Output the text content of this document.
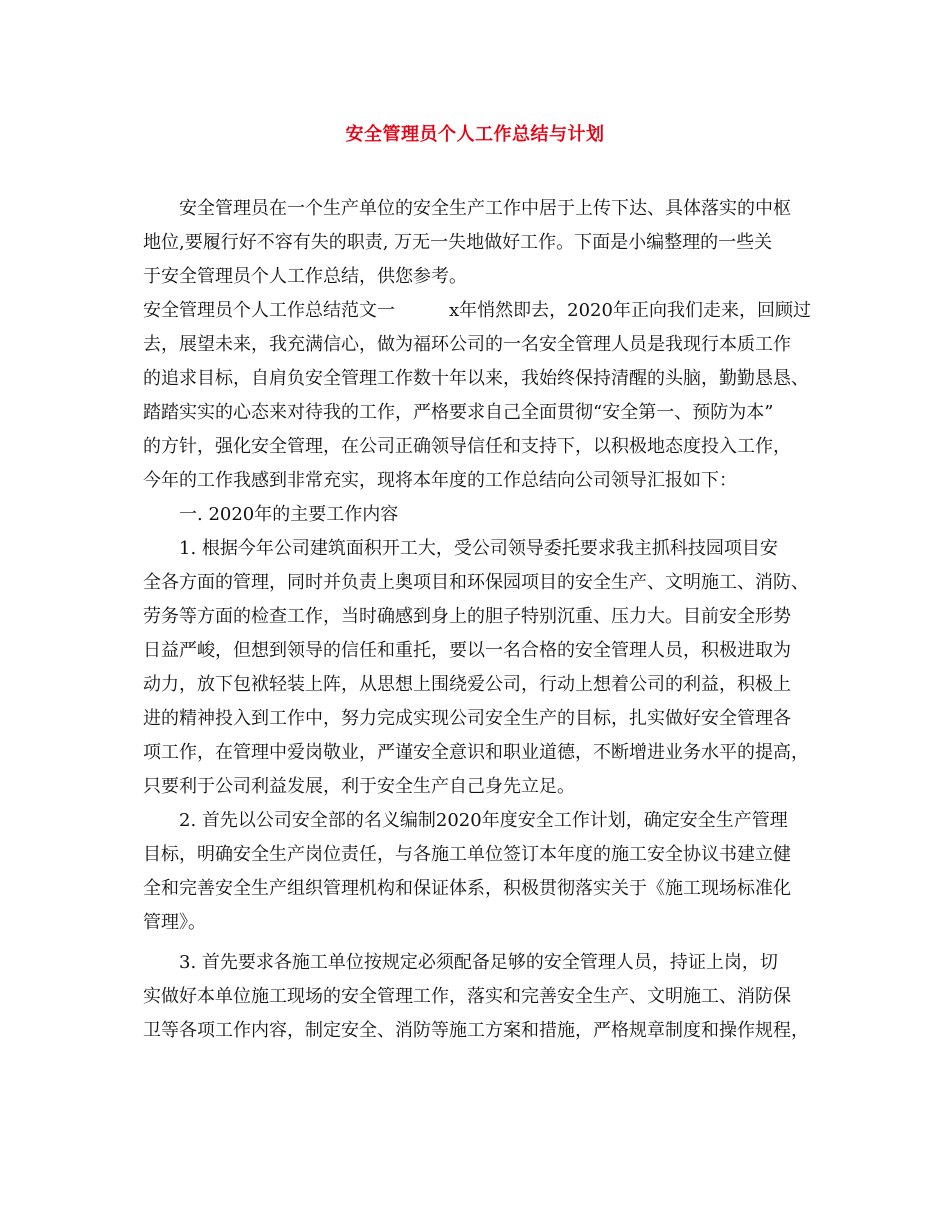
安全管理员个人工作总结与计划
　　安全管理员在一个生产单位的安全生产工作中居于上传下达、具体落实的中枢
地位,要履行好不容有失的职责, 万无一失地做好工作。下面是小编整理的一些关
于安全管理员个人工作总结，供您参考。
安全管理员个人工作总结范文一　　　x年悄然即去，2020年正向我们走来，回顾过
去，展望未来，我充满信心，做为福环公司的一名安全管理人员是我现行本质工作
的追求目标，自肩负安全管理工作数十年以来，我始终保持清醒的头脑，勤勤恳恳、
踏踏实实的心态来对待我的工作，严格要求自己全面贯彻“安全第一、预防为本”
的方针，强化安全管理，在公司正确领导信任和支持下，以积极地态度投入工作，
今年的工作我感到非常充实，现将本年度的工作总结向公司领导汇报如下：
　　一. 2020年的主要工作内容
　　1. 根据今年公司建筑面积开工大，受公司领导委托要求我主抓科技园项目安
全各方面的管理，同时并负责上奥项目和环保园项目的安全生产、文明施工、消防、
劳务等方面的检查工作，当时确感到身上的胆子特别沉重、压力大。目前安全形势
日益严峻，但想到领导的信任和重托，要以一名合格的安全管理人员，积极进取为
动力，放下包袱轻装上阵，从思想上围绕爱公司，行动上想着公司的利益，积极上
进的精神投入到工作中，努力完成实现公司安全生产的目标，扎实做好安全管理各
项工作，在管理中爱岗敬业，严谨安全意识和职业道德，不断增进业务水平的提高，
只要利于公司利益发展，利于安全生产自己身先立足。
　　2. 首先以公司安全部的名义编制2020年度安全工作计划，确定安全生产管理
目标，明确安全生产岗位责任，与各施工单位签订本年度的施工安全协议书建立健
全和完善安全生产组织管理机构和保证体系，积极贯彻落实关于《施工现场标准化
管理》。
　　3. 首先要求各施工单位按规定必须配备足够的安全管理人员，持证上岗，切
实做好本单位施工现场的安全管理工作，落实和完善安全生产、文明施工、消防保
卫等各项工作内容，制定安全、消防等施工方案和措施，严格规章制度和操作规程，
